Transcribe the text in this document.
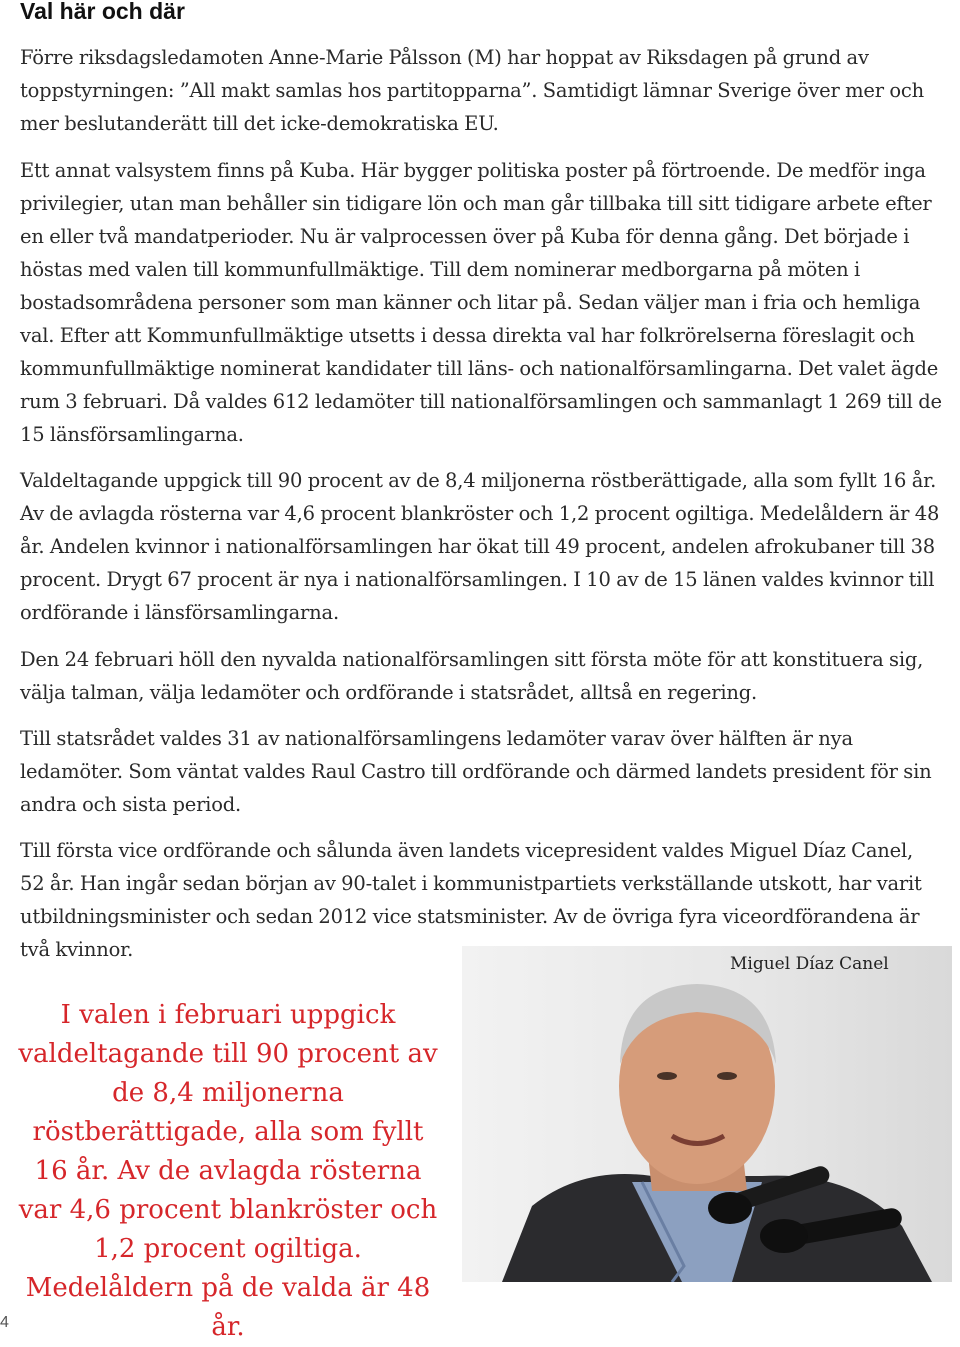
Val här och där

Förre riksdagsledamoten Anne-Marie Pålsson (M) har hoppat av Riksdagen på grund av toppstyrningen: ”All makt samlas hos partitopparna”. Samtidigt lämnar Sverige över mer och mer beslutanderätt till det icke-demokratiska EU.

Ett annat valsystem finns på Kuba. Här bygger politiska poster på förtroende. De medför inga privilegier, utan man behåller sin tidigare lön och man går tillbaka till sitt tidigare arbete efter en eller två mandatperioder. Nu är valprocessen över på Kuba för denna gång. Det började i höstas med valen till kommunfullmäktige. Till dem nominerar medborgarna på möten i bostadsområdena personer som man känner och litar på. Sedan väljer man i fria och hemliga val. Efter att Kommunfullmäktige utsetts i dessa direkta val har folkrörelserna föreslagit och kommunfullmäktige nominerat kandidater till läns- och nationalförsamlingarna. Det valet ägde rum 3 februari. Då valdes 612 ledamöter till nationalförsamlingen och sammanlagt 1 269 till de 15 länsförsamlingarna.

Valdeltagande uppgick till 90 procent av de 8,4 miljonerna röstberättigade, alla som fyllt 16 år. Av de avlagda rösterna var 4,6 procent blankröster och 1,2 procent ogiltiga. Medelåldern är 48 år. Andelen kvinnor i nationalförsamlingen har ökat till 49 procent, andelen afrokubaner till 38 procent. Drygt 67 procent är nya i nationalförsamlingen. I 10 av de 15 länen valdes kvinnor till ordförande i länsförsamlingarna.

Den 24 februari höll den nyvalda nationalförsamlingen sitt första möte för att konstituera sig, välja talman, välja ledamöter och ordförande i statsrådet, alltså en regering.

Till statsrådet valdes 31 av nationalförsamlingens ledamöter varav över hälften är nya ledamöter. Som väntat valdes Raul Castro till ordförande och därmed landets president för sin andra och sista period.

Till första vice ordförande och sålunda även landets vicepresident valdes Miguel Díaz Canel, 52 år. Han ingår sedan början av 90-talet i kommunistpartiets verkställande utskott, har varit utbildningsminister och sedan 2012 vice statsminister. Av de övriga fyra viceordförandena är två kvinnor.

I valen i februari uppgick valdeltagande till 90 procent av de 8,4 miljonerna röstberättigade, alla som fyllt 16 år. Av de avlagda rösterna var 4,6 procent blankröster och 1,2 procent ogiltiga. Medelåldern på de valda är 48 år.

Miguel Díaz Canel
4
